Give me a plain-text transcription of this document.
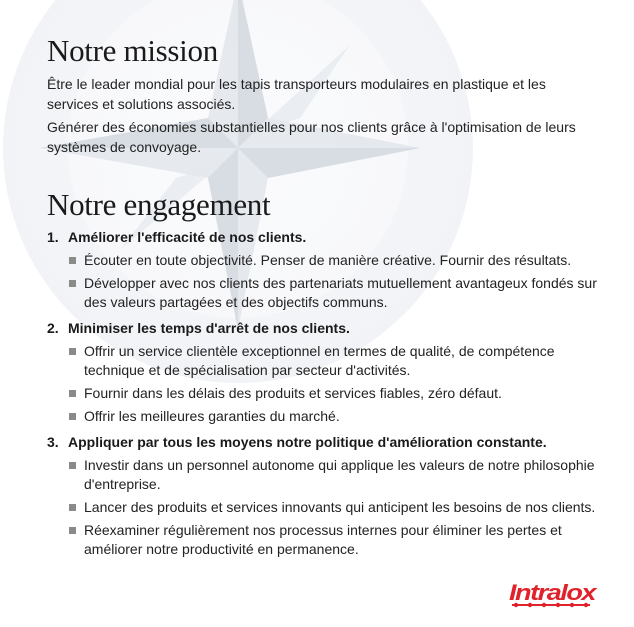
Notre mission

Être le leader mondial pour les tapis transporteurs modulaires en plastique et les services et solutions associés.

Générer des économies substantielles pour nos clients grâce à l'optimisation de leurs systèmes de convoyage.

Notre engagement

1. Améliorer l'efficacité de nos clients.

Écouter en toute objectivité. Penser de manière créative. Fournir des résultats.
Développer avec nos clients des partenariats mutuellement avantageux fondés sur des valeurs partagées et des objectifs communs.

2. Minimiser les temps d'arrêt de nos clients.

Offrir un service clientèle exceptionnel en termes de qualité, de compétence technique et de spécialisation par secteur d'activités.
Fournir dans les délais des produits et services fiables, zéro défaut.
Offrir les meilleures garanties du marché.

3. Appliquer par tous les moyens notre politique d'amélioration constante.

Investir dans un personnel autonome qui applique les valeurs de notre philosophie d'entreprise.
Lancer des produits et services innovants qui anticipent les besoins de nos clients.
Réexaminer régulièrement nos processus internes pour éliminer les pertes et améliorer notre productivité en permanence.
Intralox
